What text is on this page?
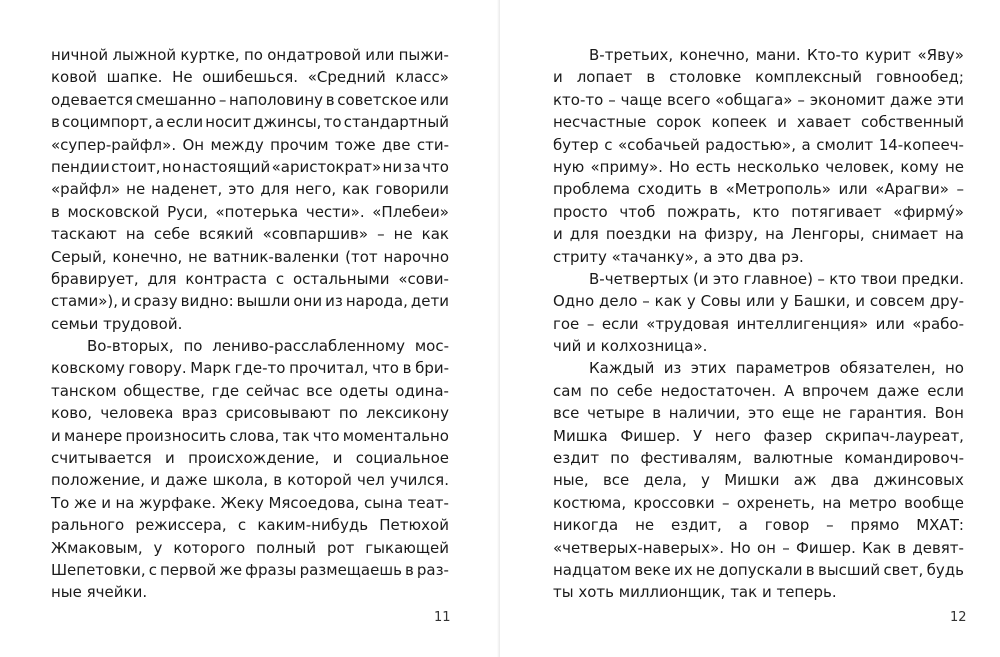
ничной лыжной куртке, по ондатровой или пыжи-
ковой шапке. Не ошибешься. «Средний класс»
одевается смешанно – наполовину в советское или
в социмпорт, а если носит джинсы, то стандартный
«супер-райфл». Он между прочим тоже две сти-
пендии стоит, но настоящий «аристократ» ни за что
«райфл» не наденет, это для него, как говорили
в московской Руси, «потерька чести». «Плебеи»
таскают на себе всякий «совпаршив» – не как
Серый, конечно, не ватник-валенки (тот нарочно
бравирует, для контраста с остальными «сови-
стами»), и сразу видно: вышли они из народа, дети
семьи трудовой.
Во-вторых, по лениво-расслабленному мос-
ковскому говору. Марк где-то прочитал, что в бри-
танском обществе, где сейчас все одеты одина-
ково, человека враз срисовывают по лексикону
и манере произносить слова, так что моментально
считывается и происхождение, и социальное
положение, и даже школа, в которой чел учился.
То же и на журфаке. Жеку Мясоедова, сына теат-
рального режиссера, с каким-нибудь Петюхой
Жмаковым, у которого полный рот гыкающей
Шепетовки, с первой же фразы размещаешь в раз-
ные ячейки.
11
В-третьих, конечно, мани. Кто-то курит «Яву»
и лопает в столовке комплексный говнообед;
кто-то – чаще всего «общага» – экономит даже эти
несчастные сорок копеек и хавает собственный
бутер с «собачьей радостью», а смолит 14-копееч-
ную «приму». Но есть несколько человек, кому не
проблема сходить в «Метрополь» или «Арагви» –
просто чтоб пожрать, кто потягивает «фирму́»
и для поездки на физру, на Ленгоры, снимает на
стриту «тачанку», а это два рэ.
В-четвертых (и это главное) – кто твои предки.
Одно дело – как у Совы или у Башки, и совсем дру-
гое – если «трудовая интеллигенция» или «рабо-
чий и колхозница».
Каждый из этих параметров обязателен, но
сам по себе недостаточен. А впрочем даже если
все четыре в наличии, это еще не гарантия. Вон
Мишка Фишер. У него фазер скрипач-лауреат,
ездит по фестивалям, валютные командировоч-
ные, все дела, у Мишки аж два джинсовых
костюма, кроссовки – охренеть, на метро вообще
никогда не ездит, а говор – прямо МХАТ:
«четверых-наверых». Но он – Фишер. Как в девят-
надцатом веке их не допускали в высший свет, будь
ты хоть миллионщик, так и теперь.
12
